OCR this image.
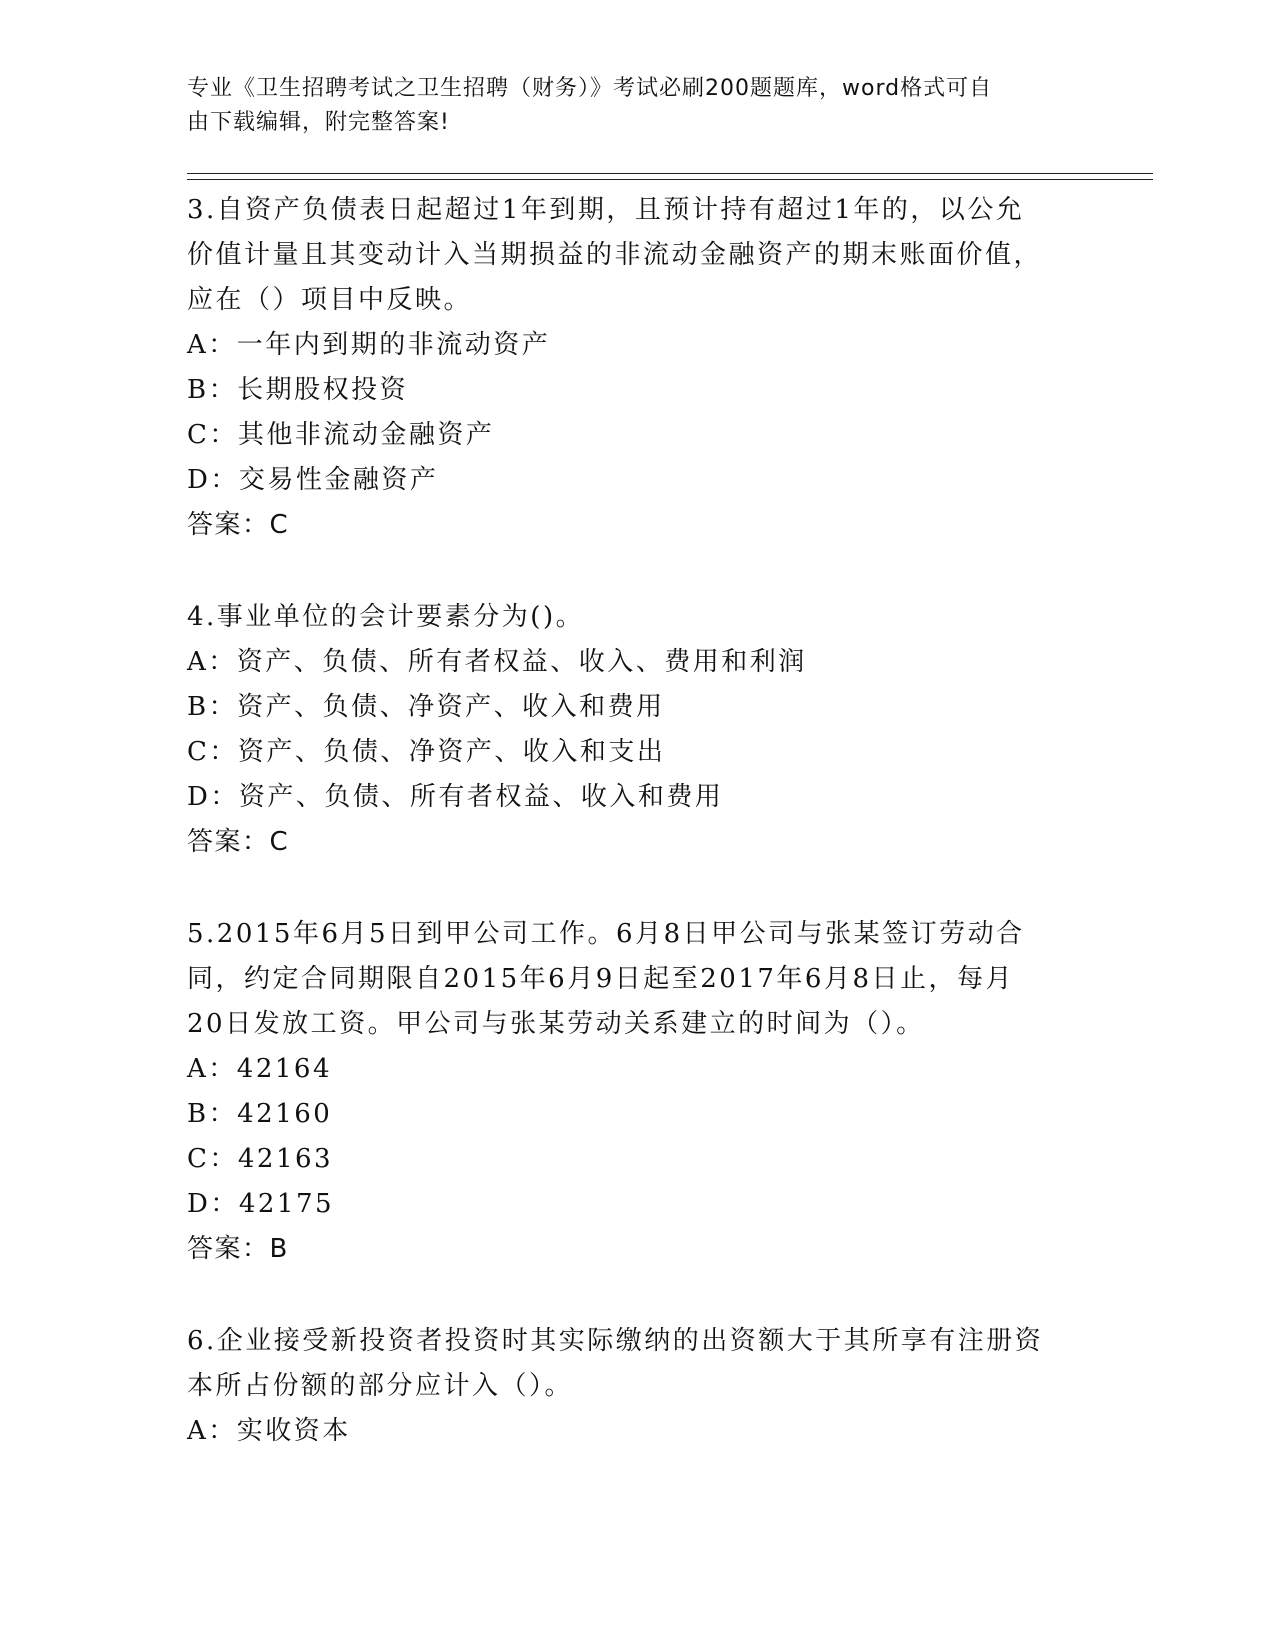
专业《卫生招聘考试之卫生招聘（财务）》考试必刷200题题库，word格式可自
由下载编辑，附完整答案!
3.自资产负债表日起超过1年到期，且预计持有超过1年的，以公允
价值计量且其变动计入当期损益的非流动金融资产的期末账面价值，
应在（）项目中反映。
A：一年内到期的非流动资产
B：长期股权投资
C：其他非流动金融资产
D：交易性金融资产
答案：C
4.事业单位的会计要素分为()。
A：资产、负债、所有者权益、收入、费用和利润
B：资产、负债、净资产、收入和费用
C：资产、负债、净资产、收入和支出
D：资产、负债、所有者权益、收入和费用
答案：C
5.2015年6月5日到甲公司工作。6月8日甲公司与张某签订劳动合
同，约定合同期限自2015年6月9日起至2017年6月8日止，每月
20日发放工资。甲公司与张某劳动关系建立的时间为（）。
A：42164
B：42160
C：42163
D：42175
答案：B
6.企业接受新投资者投资时其实际缴纳的出资额大于其所享有注册资
本所占份额的部分应计入（）。
A：实收资本
